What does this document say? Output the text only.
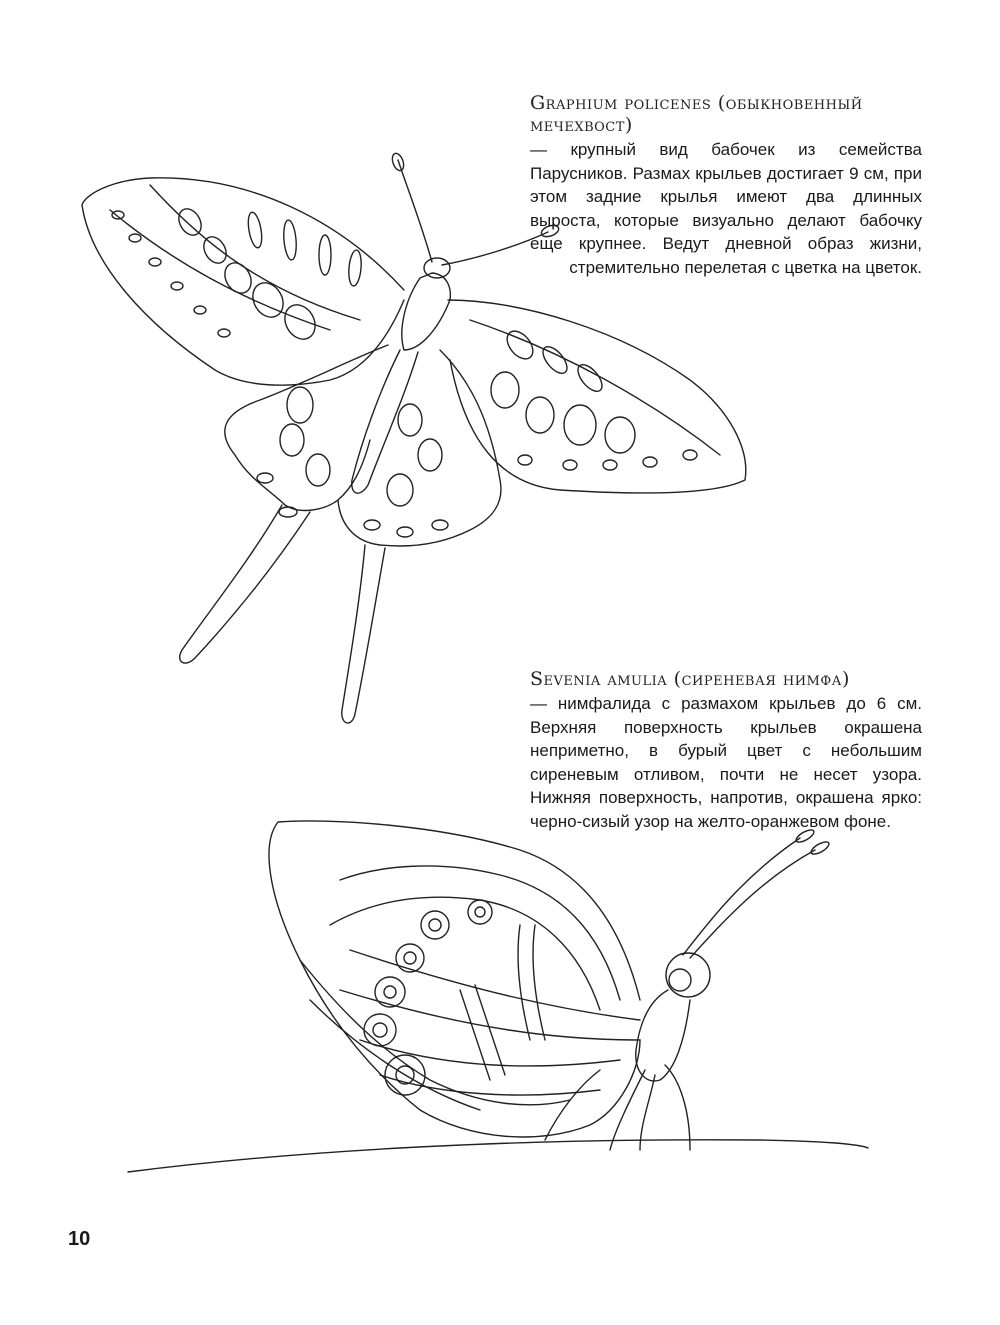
Graphium policenes (обыкновенный мечехвост)

— крупный вид бабочек из семейства Парусников. Размах крыльев достигает 9 см, при этом задние крылья имеют два длинных выроста, которые визуально делают бабочку еще крупнее. Ведут дневной образ жизни, стремительно перелетая с цветка на цветок.

Sevenia amulia (сиреневая нимфа)

— нимфалида с размахом крыльев до 6 см. Верхняя поверхность крыльев окрашена неприметно, в бурый цвет с небольшим сиреневым отливом, почти не несет узора. Нижняя поверхность, напротив, окрашена ярко: черно-сизый узор на желто-оранжевом фоне.

10
